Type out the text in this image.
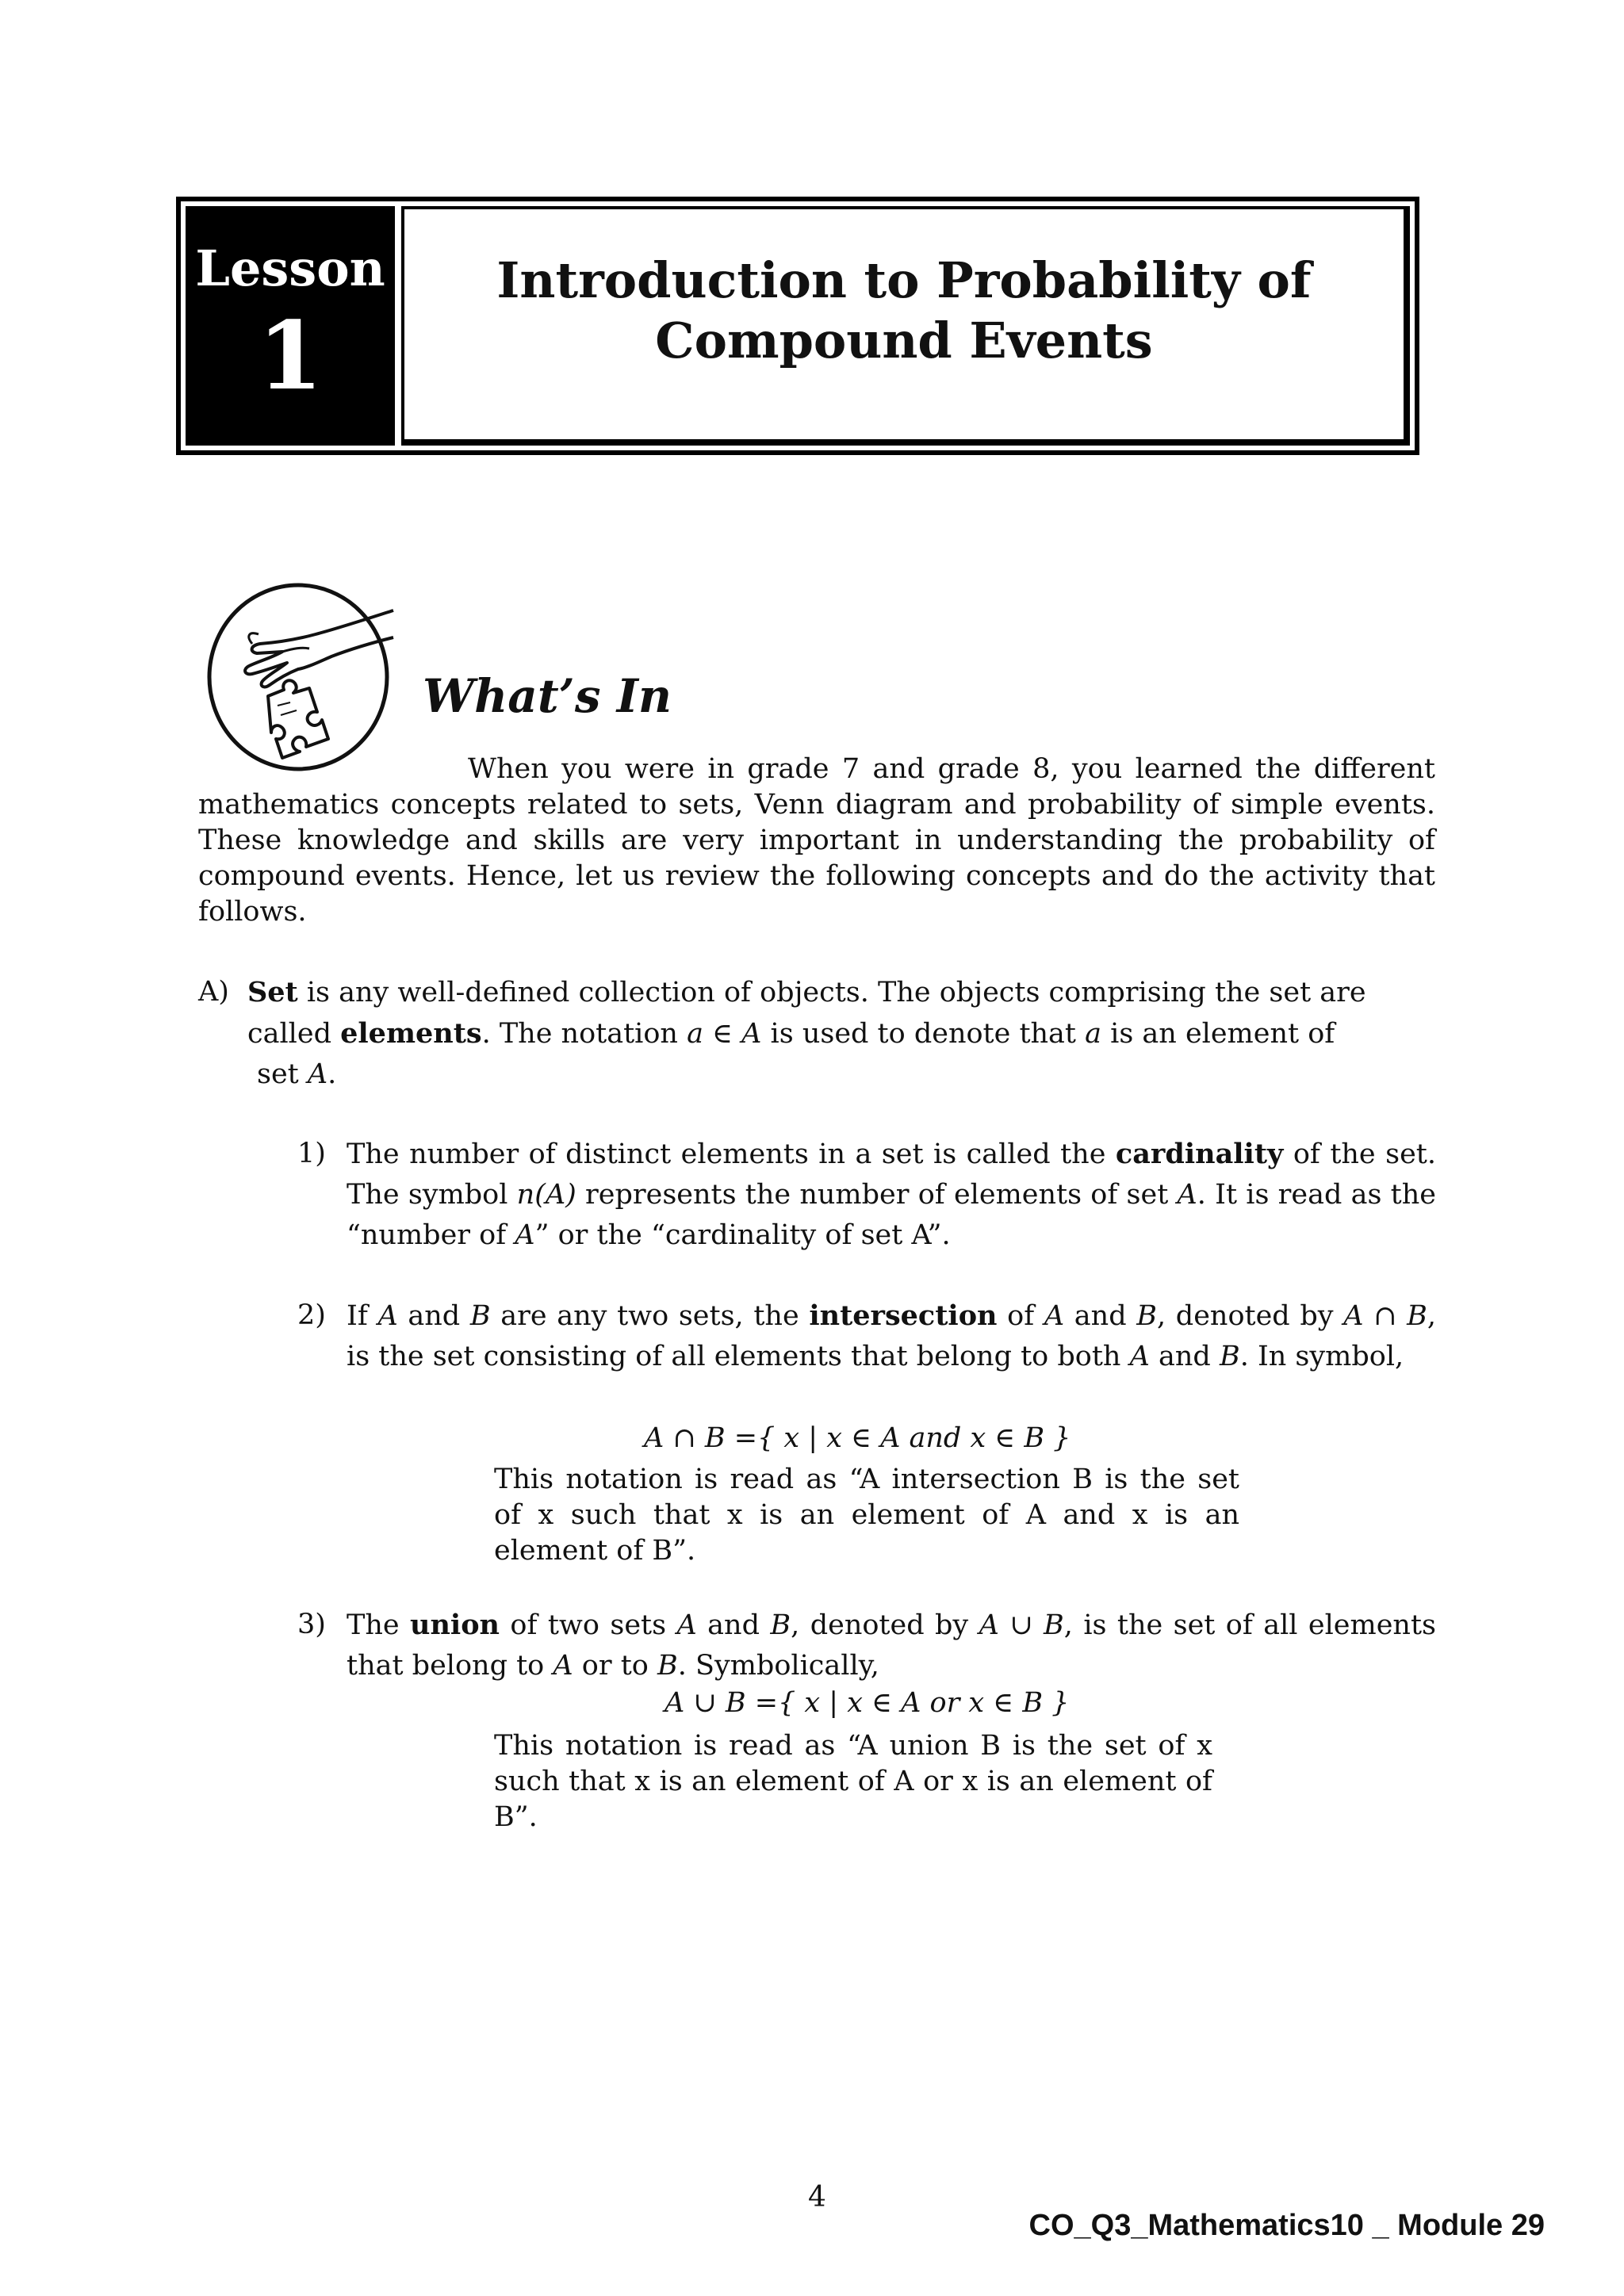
Lesson
1
Introduction to Probability of
Compound Events
What’s In

When you were in grade 7 and grade 8, you learned the different mathematics concepts related to sets, Venn diagram and probability of simple events. These knowledge and skills are very important in understanding the probability of compound events. Hence, let us review the following concepts and do the activity that follows.

A) Set is any well-defined collection of objects. The objects comprising the set are called elements. The notation a ∈ A is used to denote that a is an element of
set A.
1) The number of distinct elements in a set is called the cardinality of the set. The symbol n(A) represents the number of elements of set A. It is read as the “number of A” or the “cardinality of set A”.
2) If A and B are any two sets, the intersection of A and B, denoted by A ∩ B, is the set consisting of all elements that belong to both A and B. In symbol,
A ∩ B ={ x | x ∈ A and x ∈ B }

This notation is read as “A intersection B is the set of x such that x is an element of A and x is an element of B”.

3) The union of two sets A and B, denoted by A ∪ B, is the set of all elements that belong to A or to B. Symbolically,
A ∪ B ={ x | x ∈ A or x ∈ B }

This notation is read as “A union B is the set of x such that x is an element of A or x is an element of B”.

4
CO_Q3_Mathematics10 _ Module 29
